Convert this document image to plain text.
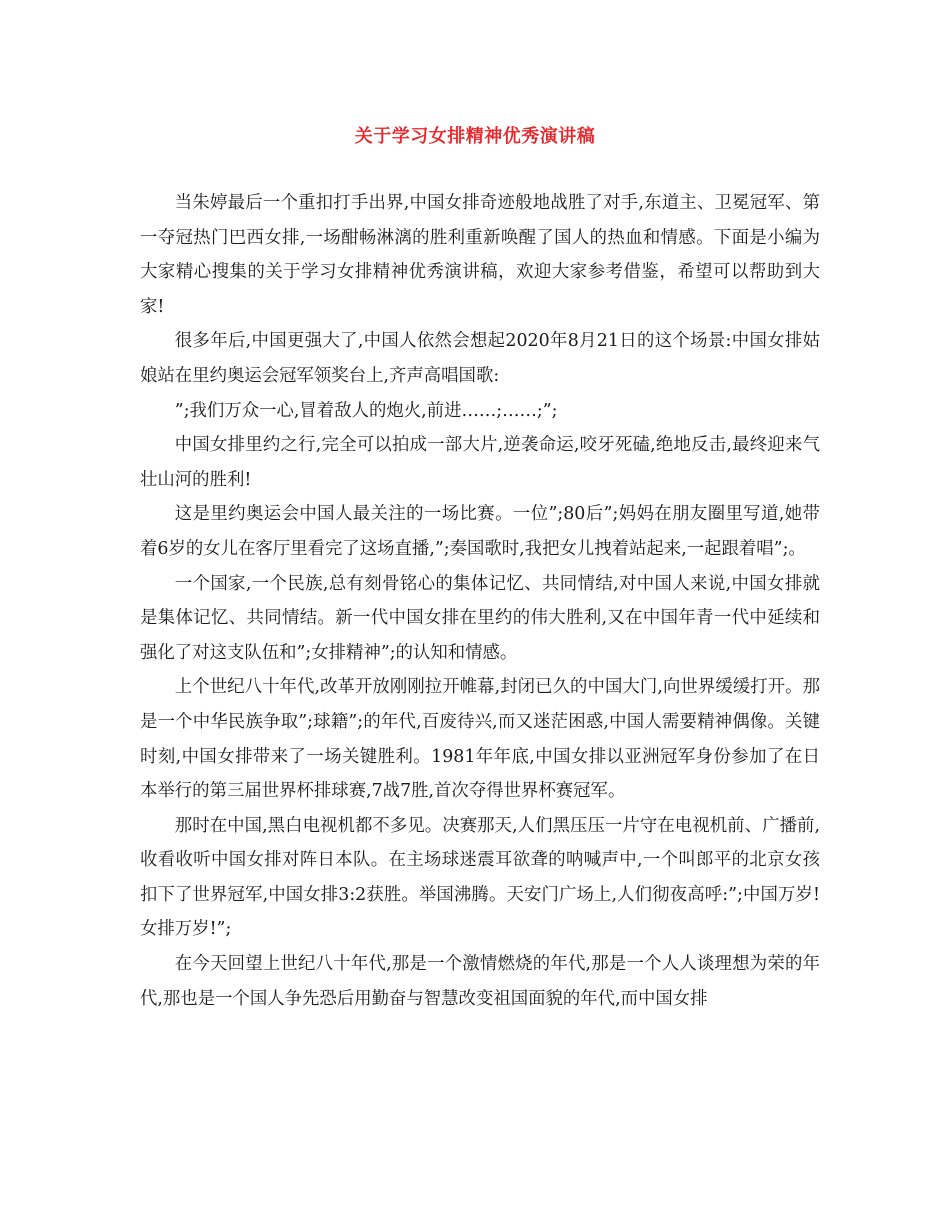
关于学习女排精神优秀演讲稿

当朱婷最后一个重扣打手出界,中国女排奇迹般地战胜了对手,东道主、卫冕冠军、第一夺冠热门巴西女排,一场酣畅淋漓的胜利重新唤醒了国人的热血和情感。下面是小编为大家精心搜集的关于学习女排精神优秀演讲稿，欢迎大家参考借鉴，希望可以帮助到大家!

很多年后,中国更强大了,中国人依然会想起2020年8月21日的这个场景:中国女排姑娘站在里约奥运会冠军领奖台上,齐声高唱国歌:

”;我们万众一心,冒着敌人的炮火,前进……;……;”;

中国女排里约之行,完全可以拍成一部大片,逆袭命运,咬牙死磕,绝地反击,最终迎来气壮山河的胜利!

这是里约奥运会中国人最关注的一场比赛。一位”;80后”;妈妈在朋友圈里写道,她带着6岁的女儿在客厅里看完了这场直播,”;奏国歌时,我把女儿拽着站起来,一起跟着唱”;。

一个国家,一个民族,总有刻骨铭心的集体记忆、共同情结,对中国人来说,中国女排就是集体记忆、共同情结。新一代中国女排在里约的伟大胜利,又在中国年青一代中延续和强化了对这支队伍和”;女排精神”;的认知和情感。

上个世纪八十年代,改革开放刚刚拉开帷幕,封闭已久的中国大门,向世界缓缓打开。那是一个中华民族争取”;球籍”;的年代,百废待兴,而又迷茫困惑,中国人需要精神偶像。关键时刻,中国女排带来了一场关键胜利。1981年年底,中国女排以亚洲冠军身份参加了在日本举行的第三届世界杯排球赛,7战7胜,首次夺得世界杯赛冠军。

那时在中国,黑白电视机都不多见。决赛那天,人们黑压压一片守在电视机前、广播前,收看收听中国女排对阵日本队。在主场球迷震耳欲聋的呐喊声中,一个叫郎平的北京女孩扣下了世界冠军,中国女排3:2获胜。举国沸腾。天安门广场上,人们彻夜高呼:”;中国万岁!女排万岁!”;

在今天回望上世纪八十年代,那是一个激情燃烧的年代,那是一个人人谈理想为荣的年代,那也是一个国人争先恐后用勤奋与智慧改变祖国面貌的年代,而中国女排
